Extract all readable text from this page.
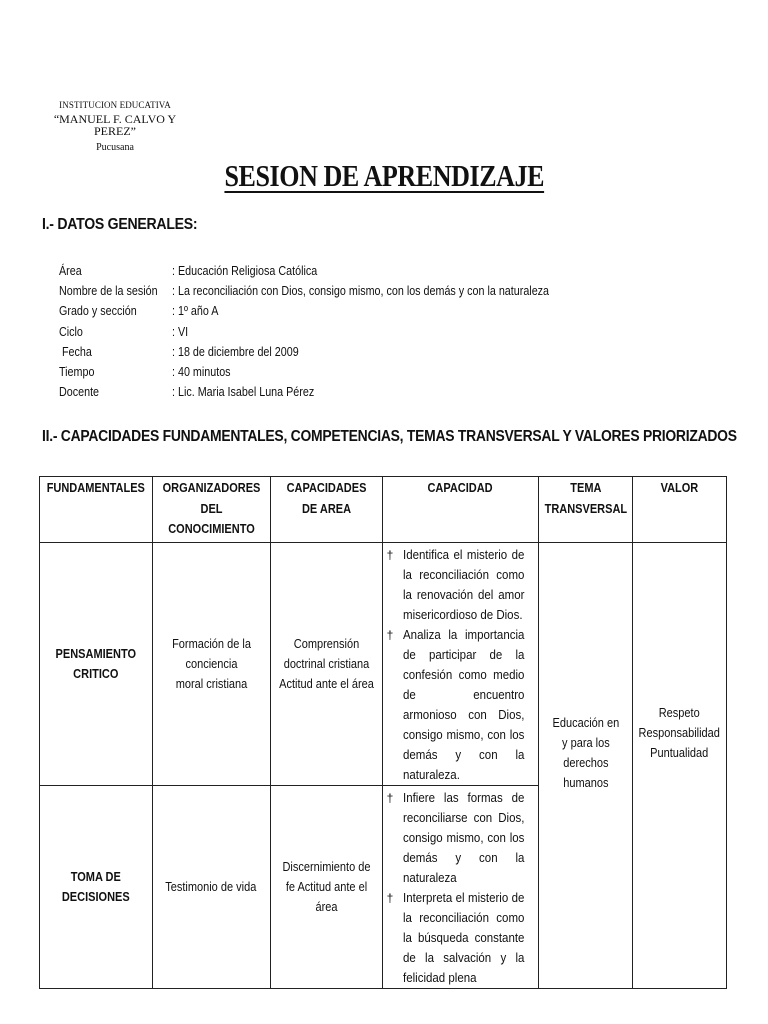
INSTITUCION EDUCATIVA
“MANUEL F. CALVO Y PEREZ”
Pucusana
SESION DE APRENDIZAJE
I.- DATOS GENERALES:
Área	: Educación Religiosa Católica
Nombre de la sesión : La reconciliación con Dios, consigo mismo, con los demás y con la naturaleza
Grado y sección	: 1º año A
Ciclo	: VI
Fecha	: 18 de diciembre del 2009
Tiempo	: 40 minutos
Docente	: Lic. Maria Isabel Luna Pérez
II.- CAPACIDADES FUNDAMENTALES, COMPETENCIAS, TEMAS TRANSVERSAL Y VALORES PRIORIZADOS
FUNDAMENTALES	ORGANIZADORES DEL CONOCIMIENTO	CAPACIDADES DE AREA	CAPACIDAD	TEMA TRANSVERSAL	VALOR
PENSAMIENTO CRITICO	Formación de la conciencia moral cristiana	Comprensión doctrinal cristiana Actitud ante el área	† Identifica el misterio de la reconciliación como la renovación del amor misericordioso de Dios.
† Analiza la importancia de participar de la confesión como medio de encuentro armonioso con Dios, consigo mismo, con los demás y con la naturaleza.	Educación en y para los derechos humanos	Respeto Responsabilidad Puntualidad
TOMA DE DECISIONES	Testimonio de vida	Discernimiento de fe Actitud ante el área	† Infiere las formas de reconciliarse con Dios, consigo mismo, con los demás y con la naturaleza
† Interpreta el misterio de la reconciliación como la búsqueda constante de la salvación y la felicidad plena		
